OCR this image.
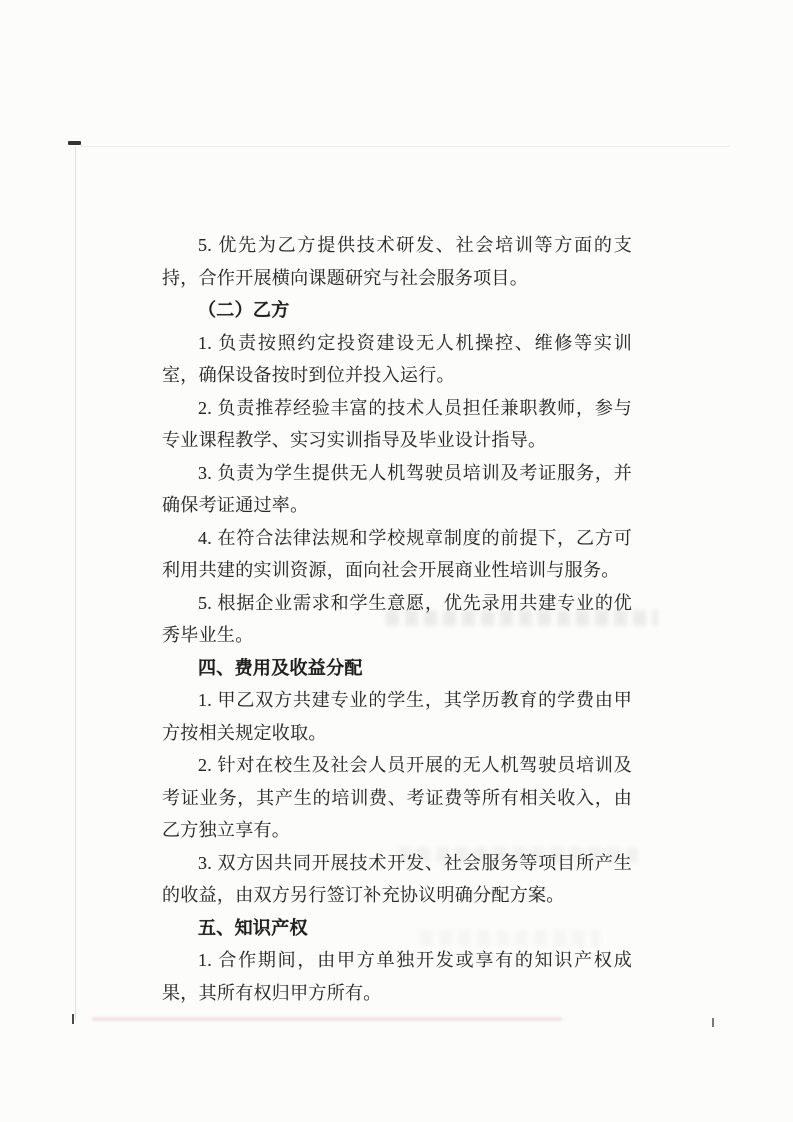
5. 优先为乙方提供技术研发、社会培训等方面的支持，合作开展横向课题研究与社会服务项目。

（二）乙方

1. 负责按照约定投资建设无人机操控、维修等实训室，确保设备按时到位并投入运行。

2. 负责推荐经验丰富的技术人员担任兼职教师，参与专业课程教学、实习实训指导及毕业设计指导。

3. 负责为学生提供无人机驾驶员培训及考证服务，并确保考证通过率。

4. 在符合法律法规和学校规章制度的前提下，乙方可利用共建的实训资源，面向社会开展商业性培训与服务。

5. 根据企业需求和学生意愿，优先录用共建专业的优秀毕业生。

四、费用及收益分配

1. 甲乙双方共建专业的学生，其学历教育的学费由甲方按相关规定收取。

2. 针对在校生及社会人员开展的无人机驾驶员培训及考证业务，其产生的培训费、考证费等所有相关收入，由乙方独立享有。

3. 双方因共同开展技术开发、社会服务等项目所产生的收益，由双方另行签订补充协议明确分配方案。

五、知识产权

1. 合作期间，由甲方单独开发或享有的知识产权成果，其所有权归甲方所有。
